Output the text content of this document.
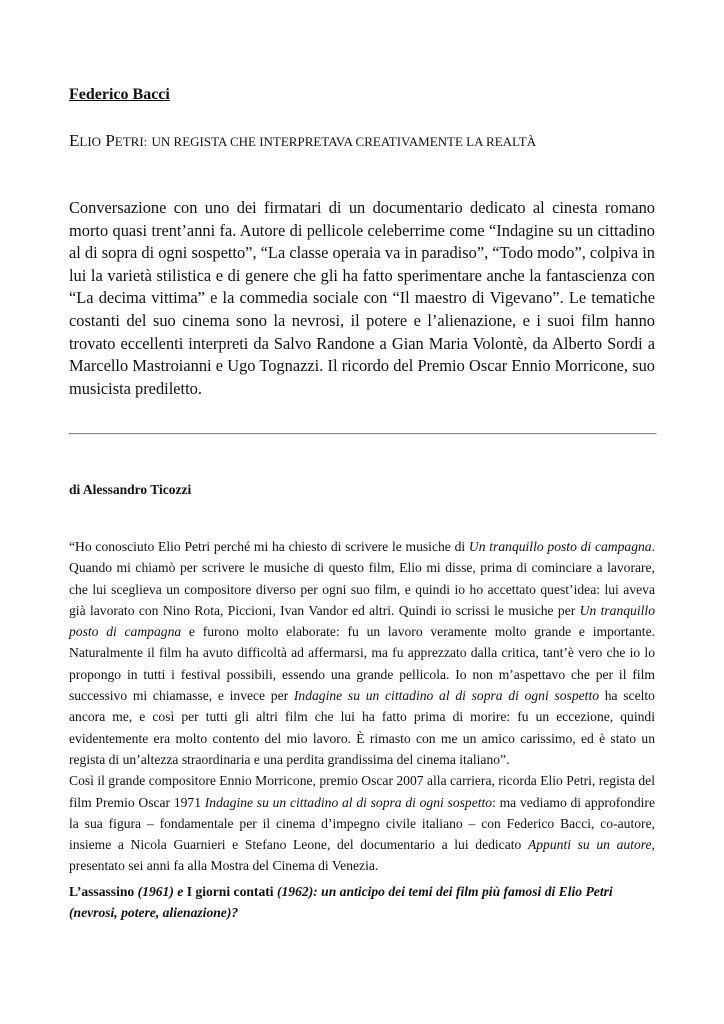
Federico Bacci

ELIO PETRI: UN REGISTA CHE INTERPRETAVA CREATIVAMENTE LA REALTÀ

Conversazione con uno dei firmatari di un documentario dedicato al cinesta romano morto quasi trent’anni fa. Autore di pellicole celeberrime come “Indagine su un cittadino al di sopra di ogni sospetto”, “La classe operaia va in paradiso”, “Todo modo”, colpiva in lui la varietà stilistica e di genere che gli ha fatto sperimentare anche la fantascienza con “La decima vittima” e la commedia sociale con “Il maestro di Vigevano”. Le tematiche costanti del suo cinema sono la nevrosi, il potere e l’alienazione, e i suoi film hanno trovato eccellenti interpreti da Salvo Randone a Gian Maria Volontè, da Alberto Sordi a Marcello Mastroianni e Ugo Tognazzi. Il ricordo del Premio Oscar Ennio Morricone, suo musicista prediletto.

di Alessandro Ticozzi

“Ho conosciuto Elio Petri perché mi ha chiesto di scrivere le musiche di Un tranquillo posto di campagna. Quando mi chiamò per scrivere le musiche di questo film, Elio mi disse, prima di cominciare a lavorare, che lui sceglieva un compositore diverso per ogni suo film, e quindi io ho accettato quest’idea: lui aveva già lavorato con Nino Rota, Piccioni, Ivan Vandor ed altri. Quindi io scrissi le musiche per Un tranquillo posto di campagna e furono molto elaborate: fu un lavoro veramente molto grande e importante. Naturalmente il film ha avuto difficoltà ad affermarsi, ma fu apprezzato dalla critica, tant’è vero che io lo propongo in tutti i festival possibili, essendo una grande pellicola. Io non m’aspettavo che per il film successivo mi chiamasse, e invece per Indagine su un cittadino al di sopra di ogni sospetto ha scelto ancora me, e così per tutti gli altri film che lui ha fatto prima di morire: fu un eccezione, quindi evidentemente era molto contento del mio lavoro. È rimasto con me un amico carissimo, ed è stato un regista di un’altezza straordinaria e una perdita grandissima del cinema italiano”.

Così il grande compositore Ennio Morricone, premio Oscar 2007 alla carriera, ricorda Elio Petri, regista del film Premio Oscar 1971 Indagine su un cittadino al di sopra di ogni sospetto: ma vediamo di approfondire la sua figura – fondamentale per il cinema d’impegno civile italiano – con Federico Bacci, co-autore, insieme a Nicola Guarnieri e Stefano Leone, del documentario a lui dedicato Appunti su un autore, presentato sei anni fa alla Mostra del Cinema di Venezia.

L’assassino (1961) e I giorni contati (1962): un anticipo dei temi dei film più famosi di Elio Petri (nevrosi, potere, alienazione)?
